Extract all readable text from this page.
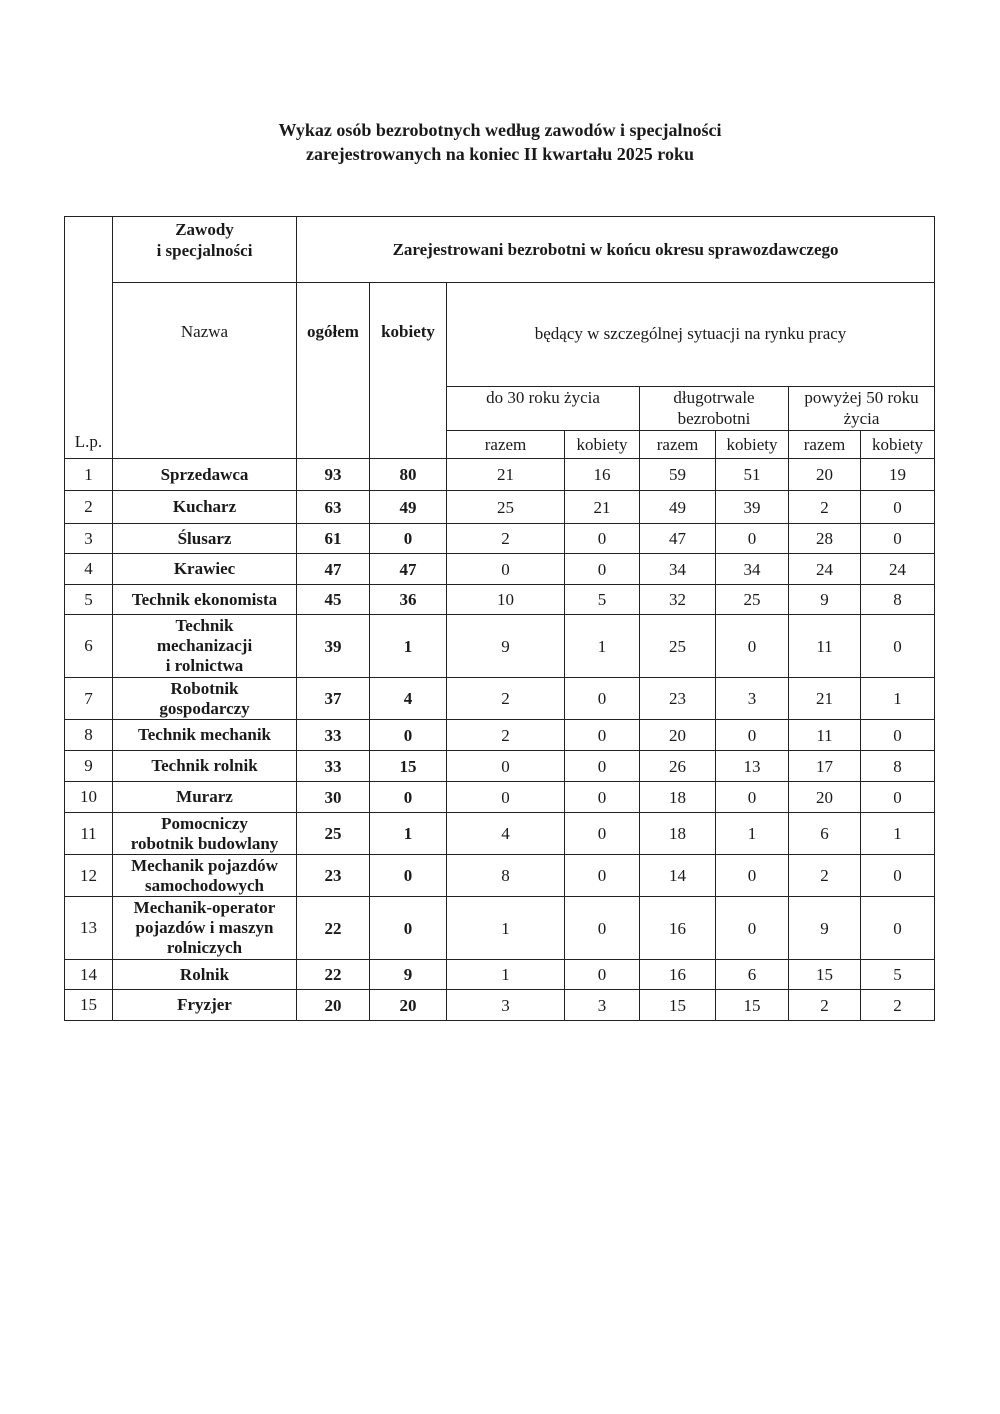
Wykaz osób bezrobotnych według zawodów i specjalności
zarejestrowanych na koniec II kwartału 2025 roku
L.p.	Zawody
i specjalności	Zarejestrowani bezrobotni w końcu okresu sprawozdawczego							
	Nazwa	ogółem	kobiety	będący w szczególnej sytuacji na rynku pracy					
				do 30 roku życia		długotrwale bezrobotni		powyżej 50 roku życia	
				razem	kobiety	razem	kobiety	razem	kobiety
1	Sprzedawca	93	80	21	16	59	51	20	19
2	Kucharz	63	49	25	21	49	39	2	0
3	Ślusarz	61	0	2	0	47	0	28	0
4	Krawiec	47	47	0	0	34	34	24	24
5	Technik ekonomista	45	36	10	5	32	25	9	8
6	Technik
mechanizacji
i rolnictwa	39	1	9	1	25	0	11	0
7	Robotnik
gospodarczy	37	4	2	0	23	3	21	1
8	Technik mechanik	33	0	2	0	20	0	11	0
9	Technik rolnik	33	15	0	0	26	13	17	8
10	Murarz	30	0	0	0	18	0	20	0
11	Pomocniczy
robotnik budowlany	25	1	4	0	18	1	6	1
12	Mechanik pojazdów
samochodowych	23	0	8	0	14	0	2	0
13	Mechanik-operator
pojazdów i maszyn
rolniczych	22	0	1	0	16	0	9	0
14	Rolnik	22	9	1	0	16	6	15	5
15	Fryzjer	20	20	3	3	15	15	2	2
